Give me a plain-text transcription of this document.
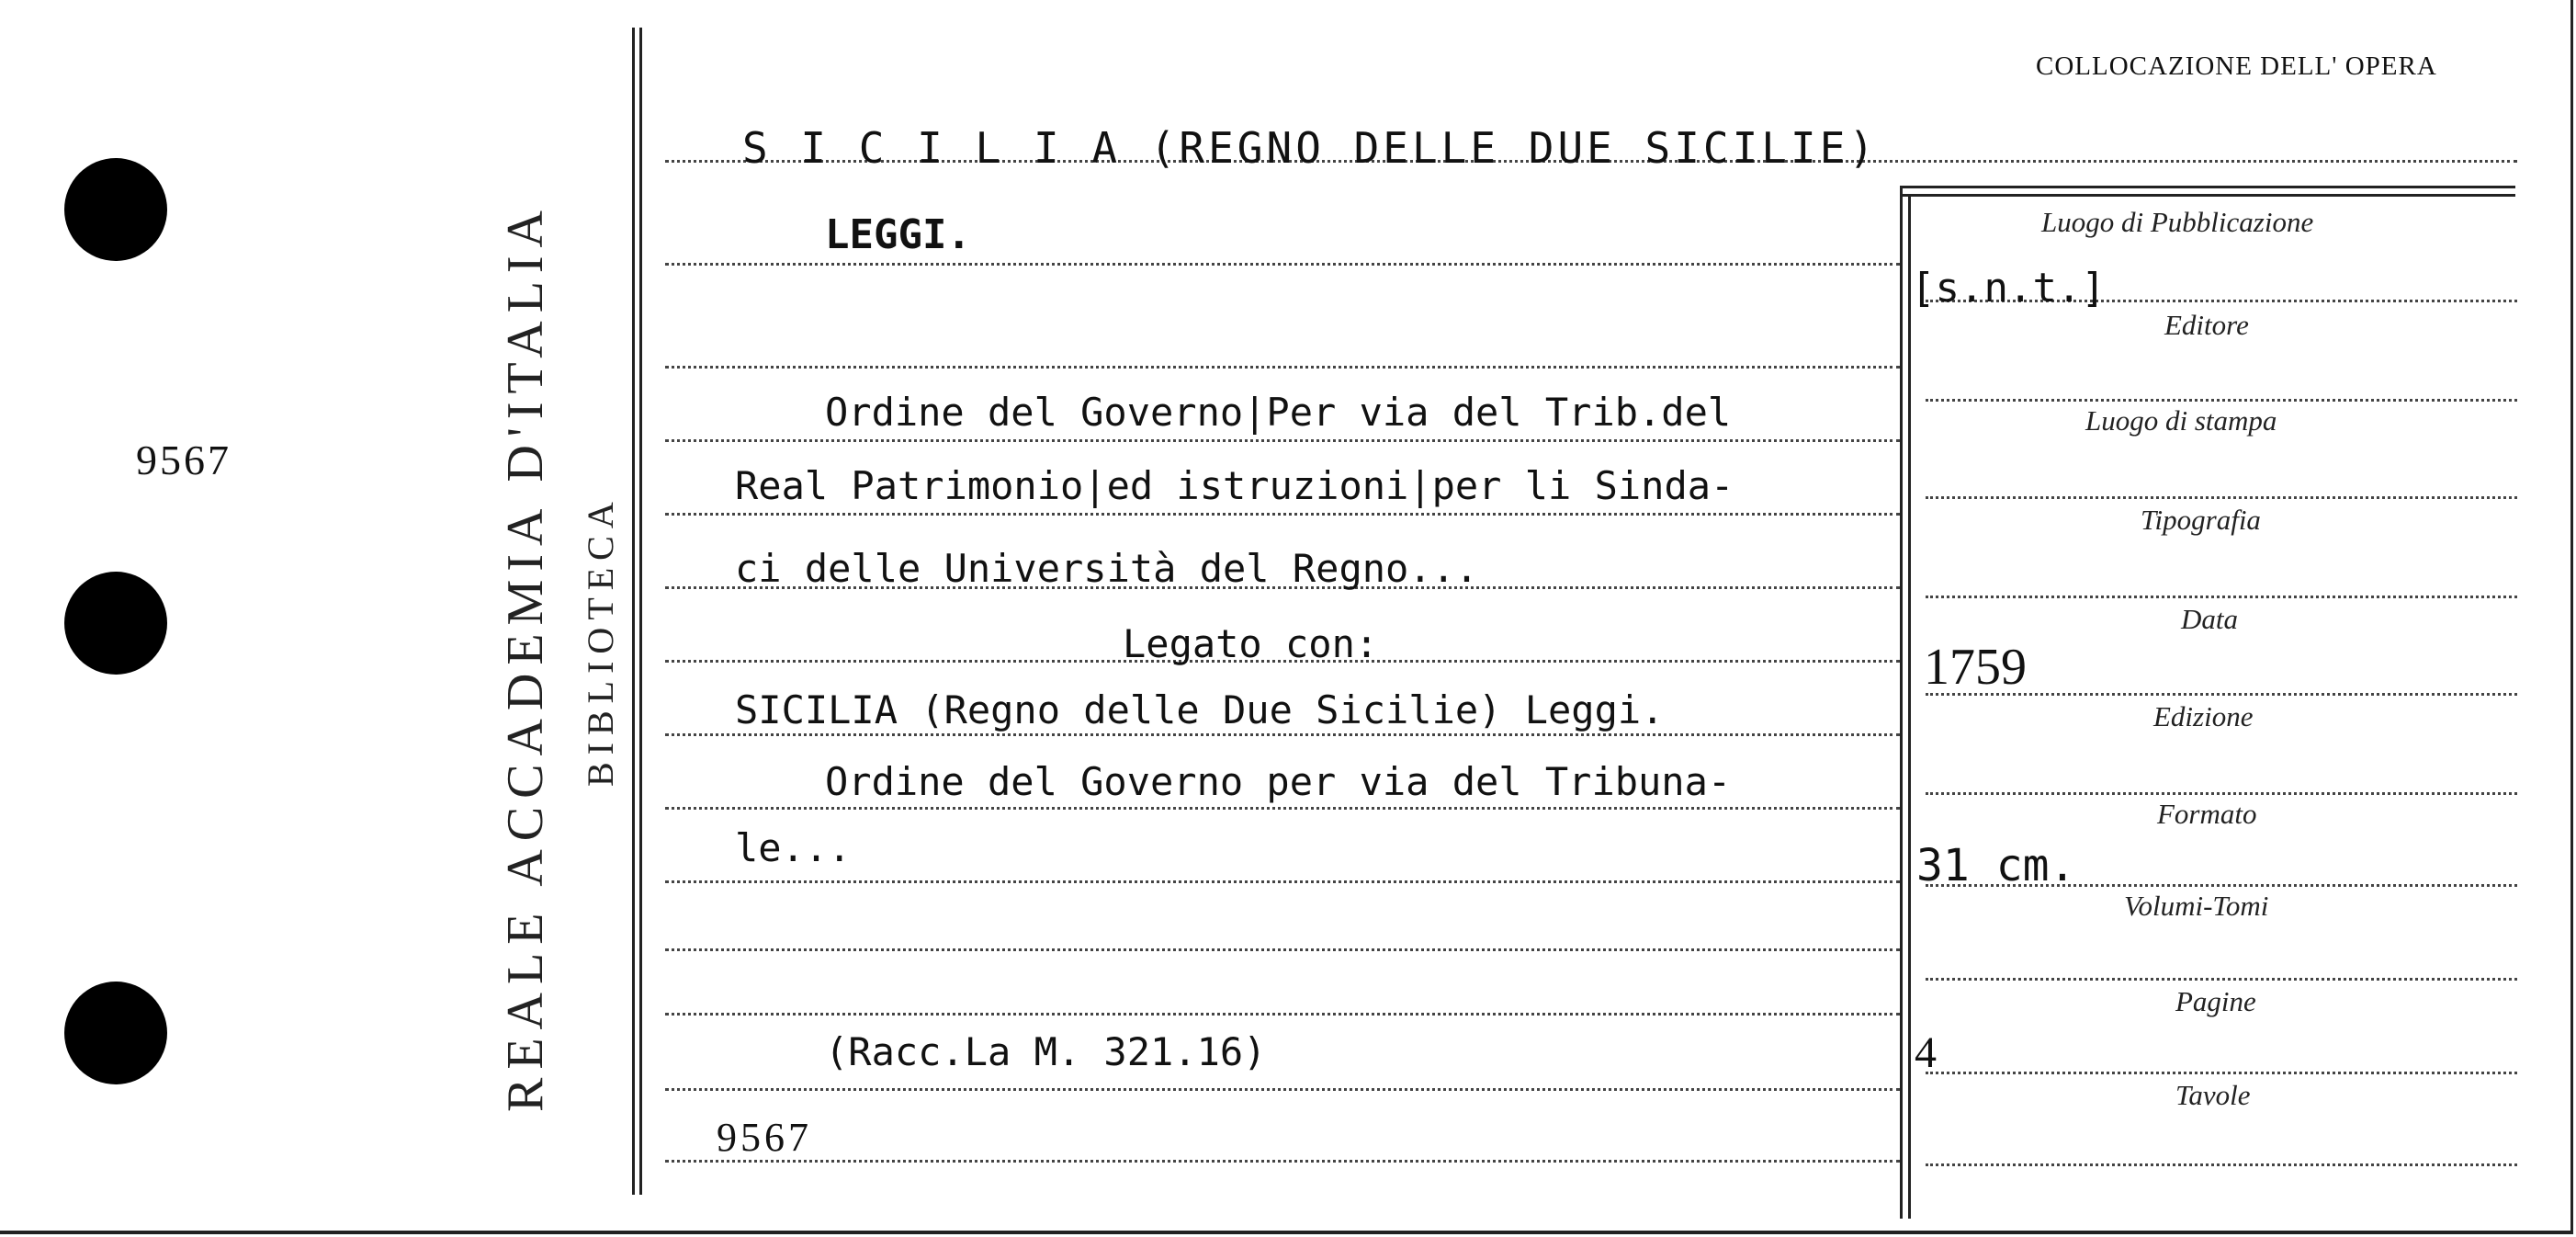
9567	REALE ACCADEMIA D'ITALIA BIBLIOTECA
COLLOCAZIONE DELL' OPERA
S I C I L I A (REGNO DELLE DUE SICILIE)
LEGGI.
Ordine del Governo|Per via del Trib.del
Real Patrimonio|ed istruzioni|per li Sinda-
ci delle Università del Regno...
Legato con:
SICILIA (Regno delle Due Sicilie) Leggi.
Ordine del Governo per via del Tribuna-
le...
(Racc.La M. 321.16)
9567
Luogo di Pubblicazione
Editore
Luogo di stampa
Tipografia
Data
Edizione
Formato
Volumi-Tomi
Pagine
Tavole
[s.n.t.]
1759
31 cm.
4
